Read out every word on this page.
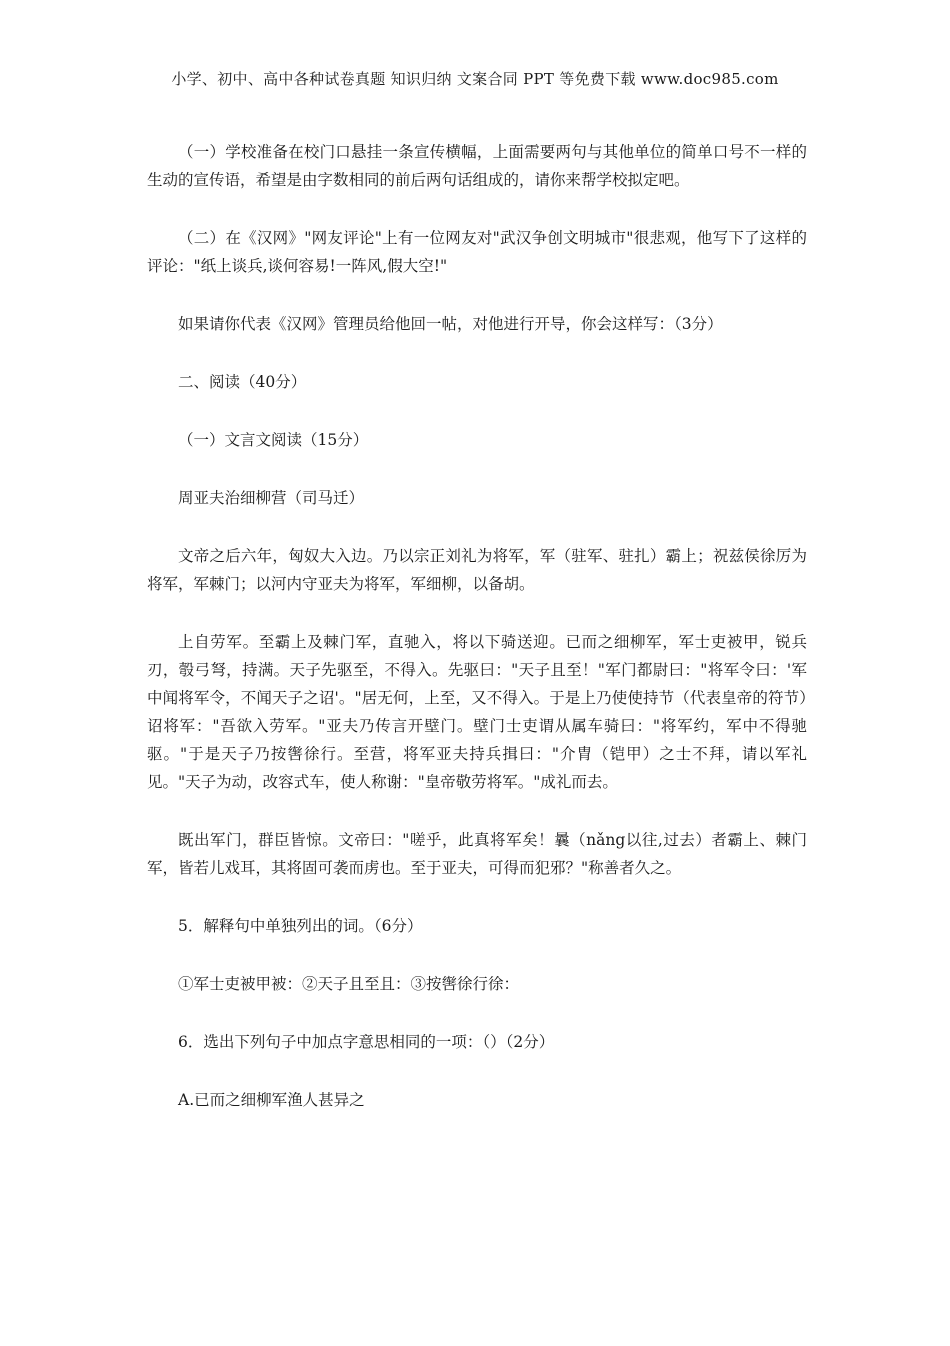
小学、初中、高中各种试卷真题 知识归纳 文案合同 PPT 等免费下载 www.doc985.com

（一）学校准备在校门口悬挂一条宣传横幅，上面需要两句与其他单位的简单口号不一样的生动的宣传语，希望是由字数相同的前后两句话组成的，请你来帮学校拟定吧。

（二）在《汉网》"网友评论"上有一位网友对"武汉争创文明城市"很悲观，他写下了这样的评论："纸上谈兵,谈何容易!一阵风,假大空!"

如果请你代表《汉网》管理员给他回一帖，对他进行开导，你会这样写：（3分）

二、阅读（40分）

（一）文言文阅读（15分）

周亚夫治细柳营（司马迁）

文帝之后六年，匈奴大入边。乃以宗正刘礼为将军，军（驻军、驻扎）霸上；祝兹侯徐厉为将军，军棘门；以河内守亚夫为将军，军细柳，以备胡。

上自劳军。至霸上及棘门军，直驰入，将以下骑送迎。已而之细柳军，军士吏被甲，锐兵刃，彀弓弩，持满。天子先驱至，不得入。先驱曰："天子且至！"军门都尉曰："将军令曰：'军中闻将军令，不闻天子之诏'。"居无何，上至，又不得入。于是上乃使使持节（代表皇帝的符节）诏将军："吾欲入劳军。"亚夫乃传言开壁门。壁门士吏谓从属车骑曰："将军约，军中不得驰驱。"于是天子乃按辔徐行。至营，将军亚夫持兵揖曰："介胄（铠甲）之士不拜，请以军礼见。"天子为动，改容式车，使人称谢："皇帝敬劳将军。"成礼而去。

既出军门，群臣皆惊。文帝曰："嗟乎，此真将军矣！曩（nǎng以往,过去）者霸上、棘门军，皆若儿戏耳，其将固可袭而虏也。至于亚夫，可得而犯邪？"称善者久之。

5．解释句中单独列出的词。（6分）

①军士吏被甲被：②天子且至且：③按辔徐行徐：

6．选出下列句子中加点字意思相同的一项：（）（2分）

A.已而之细柳军渔人甚异之
